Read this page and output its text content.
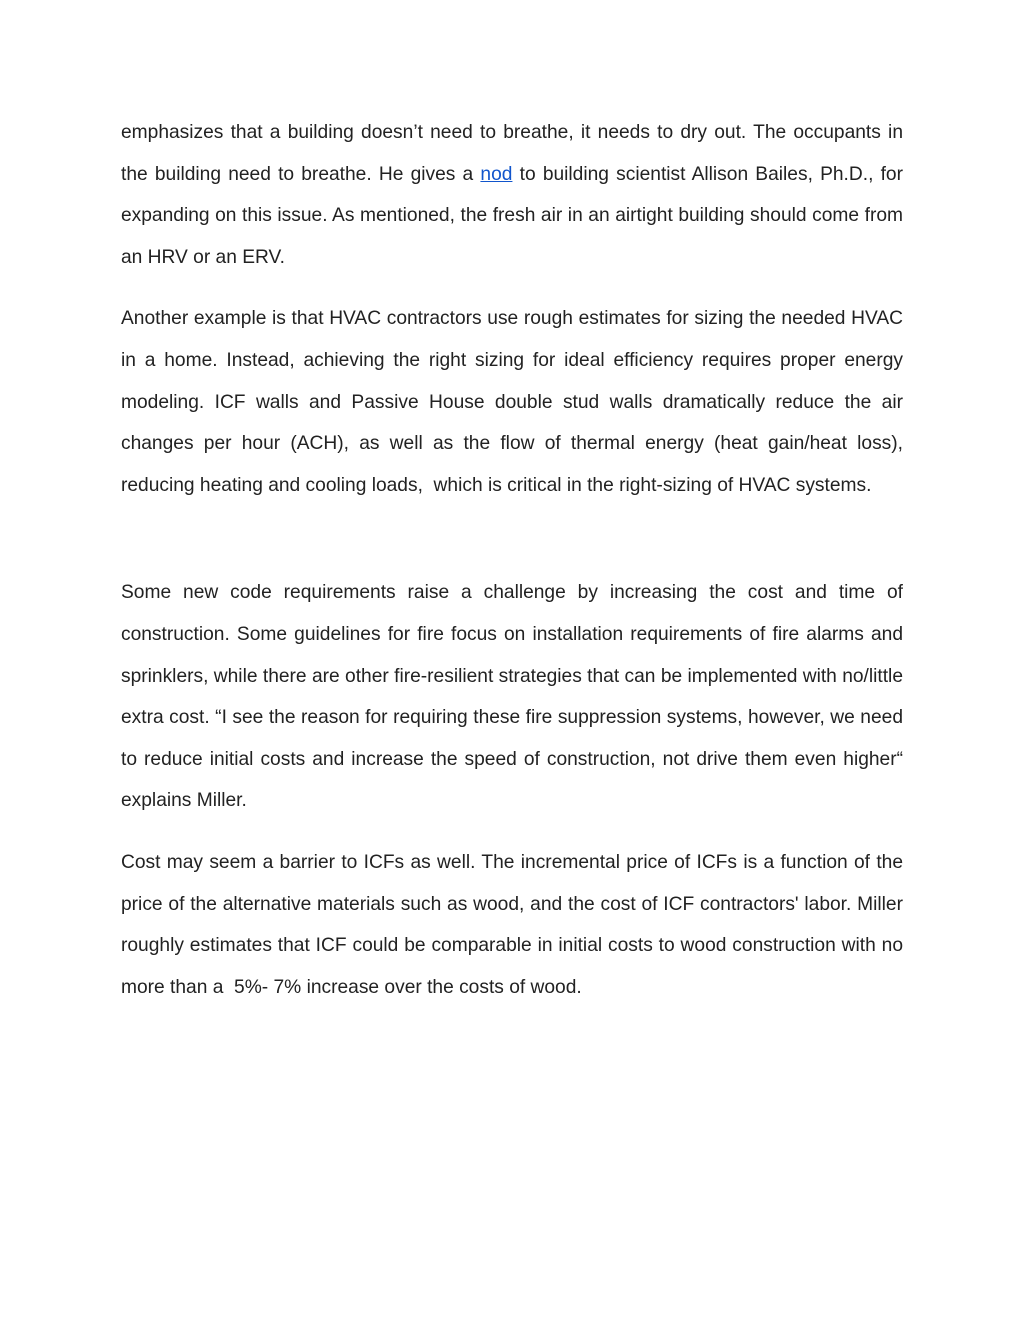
emphasizes that a building doesn’t need to breathe, it needs to dry out. The occupants in the building need to breathe. He gives a nod to building scientist Allison Bailes, Ph.D., for expanding on this issue. As mentioned, the fresh air in an airtight building should come from an HRV or an ERV.

Another example is that HVAC contractors use rough estimates for sizing the needed HVAC in a home. Instead, achieving the right sizing for ideal efficiency requires proper energy modeling. ICF walls and Passive House double stud walls dramatically reduce the air changes per hour (ACH), as well as the flow of thermal energy (heat gain/heat loss), reducing heating and cooling loads,  which is critical in the right-sizing of HVAC systems.

Some new code requirements raise a challenge by increasing the cost and time of construction. Some guidelines for fire focus on installation requirements of fire alarms and sprinklers, while there are other fire-resilient strategies that can be implemented with no/little extra cost. “I see the reason for requiring these fire suppression systems, however, we need to reduce initial costs and increase the speed of construction, not drive them even higher“ explains Miller.

Cost may seem a barrier to ICFs as well. The incremental price of ICFs is a function of the price of the alternative materials such as wood, and the cost of ICF contractors' labor. Miller roughly estimates that ICF could be comparable in initial costs to wood construction with no more than a  5%- 7% increase over the costs of wood.
